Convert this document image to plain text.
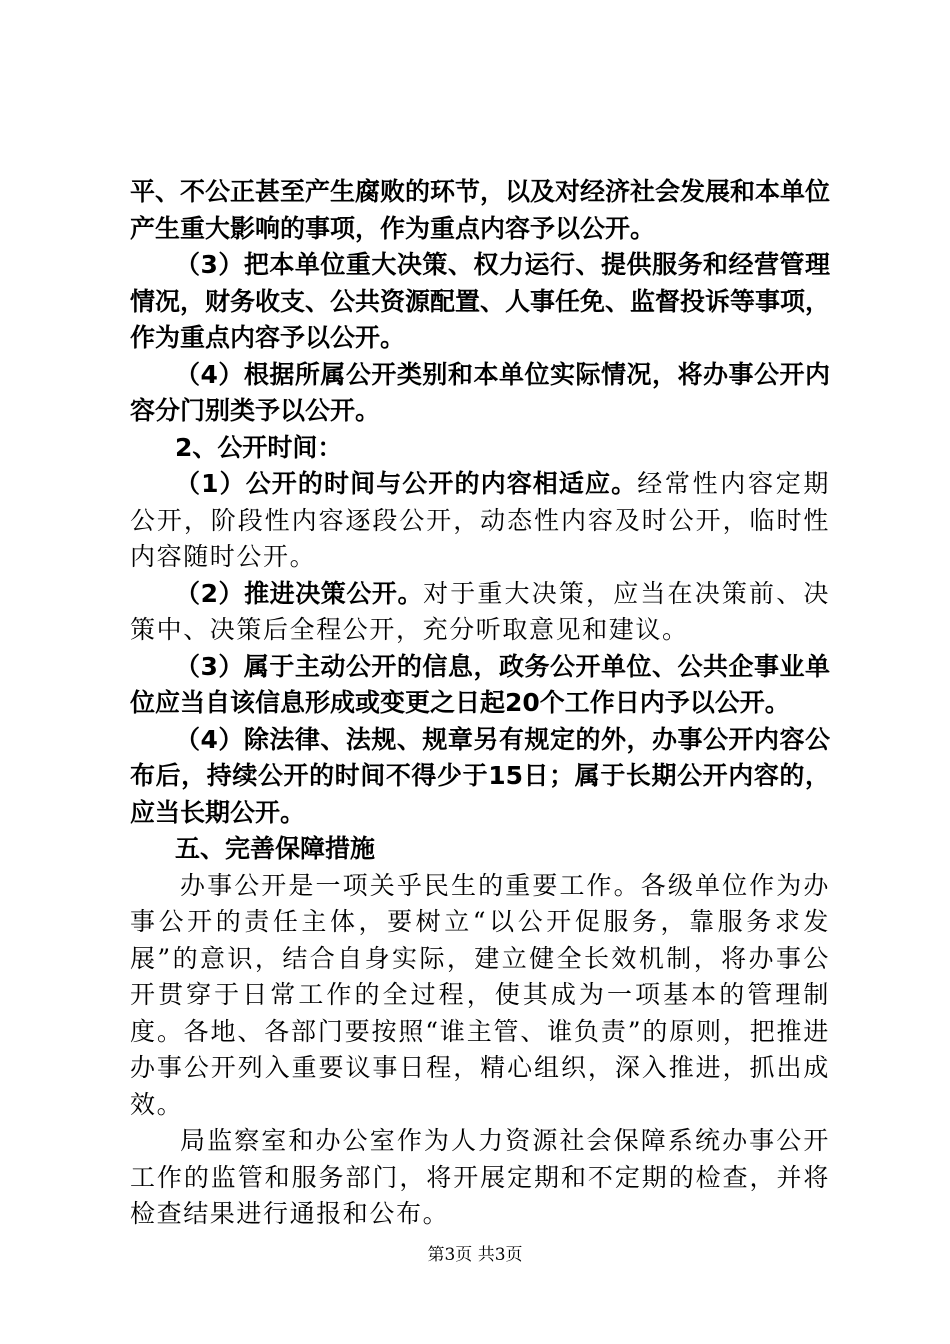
平、不公正甚至产生腐败的环节，以及对经济社会发展和本单位产生重大影响的事项，作为重点内容予以公开。

（3）把本单位重大决策、权力运行、提供服务和经营管理情况，财务收支、公共资源配置、人事任免、监督投诉等事项，作为重点内容予以公开。

（4）根据所属公开类别和本单位实际情况，将办事公开内容分门别类予以公开。

2、公开时间：

（1）公开的时间与公开的内容相适应。经常性内容定期公开，阶段性内容逐段公开，动态性内容及时公开，临时性内容随时公开。

（2）推进决策公开。对于重大决策，应当在决策前、决策中、决策后全程公开，充分听取意见和建议。

（3）属于主动公开的信息，政务公开单位、公共企事业单位应当自该信息形成或变更之日起20个工作日内予以公开。

（4）除法律、法规、规章另有规定的外，办事公开内容公布后，持续公开的时间不得少于15日；属于长期公开内容的，应当长期公开。

五、完善保障措施

办事公开是一项关乎民生的重要工作。各级单位作为办事公开的责任主体，要树立“以公开促服务，靠服务求发展”的意识，结合自身实际，建立健全长效机制，将办事公开贯穿于日常工作的全过程，使其成为一项基本的管理制度。各地、各部门要按照“谁主管、谁负责”的原则，把推进办事公开列入重要议事日程，精心组织，深入推进，抓出成效。

局监察室和办公室作为人力资源社会保障系统办事公开工作的监管和服务部门，将开展定期和不定期的检查，并将检查结果进行通报和公布。

第3页 共3页
